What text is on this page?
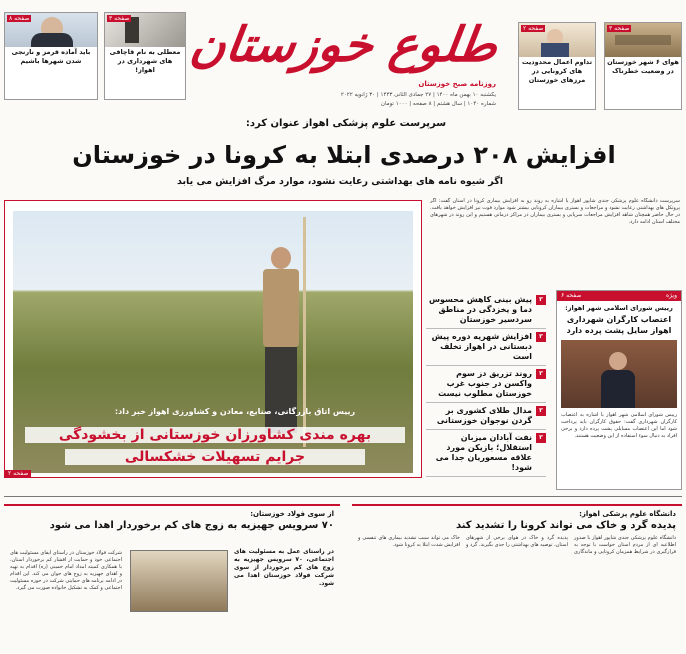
صفحه ۸
باید آماده قرمز و نارنجی شدن شهرها باشیم
صفحه ۳
معطلی به نام قاچاقی های شهرداری در اهواز! طلوع خوزستان
روزنامه صبح خوزستان
یکشنبه ۱۰ بهمن ماه ۱۴۰۰ | ۲۷ جمادی الثانی ۱۴۴۳ | ۳۰ ژانویه ۲۰۲۲
شماره ۱۰۴۰ | سال هشتم | ۸ صفحه | ۱۰۰۰ تومان
صفحه ۲
تداوم اعمال محدودیت های کرونایی در مرزهای خوزستان
صفحه ۳
هوای ۶ شهر خوزستان در وضعیت خطرناک
سرپرست علوم پزشکی اهواز عنوان کرد:
افزایش ۲۰۸ درصدی ابتلا به کرونا در خوزستان
اگر شیوه نامه های بهداشتی رعایت نشود، موارد مرگ افزایش می یابد
سرپرست دانشگاه علوم پزشکی جندی شاپور اهواز با اشاره به روند رو به افزایش بیماری کرونا در استان گفت: اگر پروتکل های بهداشتی رعایت نشود و مراجعات و بستری بیماران کرونایی بیشتر شود موارد فوت نیز افزایش خواهد یافت. در حال حاضر همچنان شاهد افزایش مراجعات سرپایی و بستری بیماران در مراکز درمانی هستیم و این روند در شهرهای مختلف استان ادامه دارد.
رییس اتاق بازرگانی، صنایع، معادن و کشاورزی اهواز خبر داد:
بهره مندی کشاورزان خوزستانی از بخشودگی
جرایم تسهیلات خشکسالی
صفحه ۲
۳
پیش بینی کاهش محسوس دما و یخزدگی در مناطق سردسیر خوزستان
۳
افزایش شهریه دوره پیش دبستانی در اهواز تخلف است
۳
روند تزریق دز سوم واکسن در جنوب غرب خوزستان مطلوب نیست
۳
مدال طلای کشوری بر گردن نوجوان خوزستانی
۳
نفت آبادان میزبان استقلال؛ بازیکن مورد علاقه مسعوریان جدا می شود!
صفحه ۶	ویژه
رییس شورای اسلامی شهر اهواز:
اعتصاب کارگران شهرداری اهواز سایل پشت پرده دارد
رییس شورای اسلامی شهر اهواز با اشاره به اعتصاب کارگران شهرداری گفت: حقوق کارگران باید پرداخت شود اما این اعتصاب مسایلی پشت پرده دارد و برخی افراد به دنبال سوء استفاده از این وضعیت هستند.
از سوی فولاد خوزستان:
۷۰ سرویس جهیزیه به زوج های کم برخوردار اهدا می شود
در راستای عمل به مسئولیت های اجتماعی، ۷۰ سرویس جهیزیه به زوج های کم برخوردار از سوی شرکت فولاد خوزستان اهدا می شود.
شرکت فولاد خوزستان در راستای ایفای مسئولیت های اجتماعی خود و حمایت از اقشار کم برخوردار استان، با همکاری کمیته امداد امام خمینی (ره) اقدام به تهیه و اهدای جهیزیه به زوج های جوان می کند. این اقدام در ادامه برنامه های حمایتی شرکت در حوزه مسئولیت اجتماعی و کمک به تشکیل خانواده صورت می گیرد.
دانشگاه علوم پزشکی اهواز:
پدیده گرد و خاک می تواند کرونا را تشدید کند
دانشگاه علوم پزشکی جندی شاپور اهواز با صدور اطلاعیه ای از مردم استان خواست با توجه به قرارگیری در شرایط همزمان کرونایی و ماندگاری پدیده گرد و خاک در هوای برخی از شهرهای استان، توصیه های بهداشتی را جدی بگیرند. گرد و خاک می تواند سبب تشدید بیماری های تنفسی و افزایش شدت ابتلا به کرونا شود.
